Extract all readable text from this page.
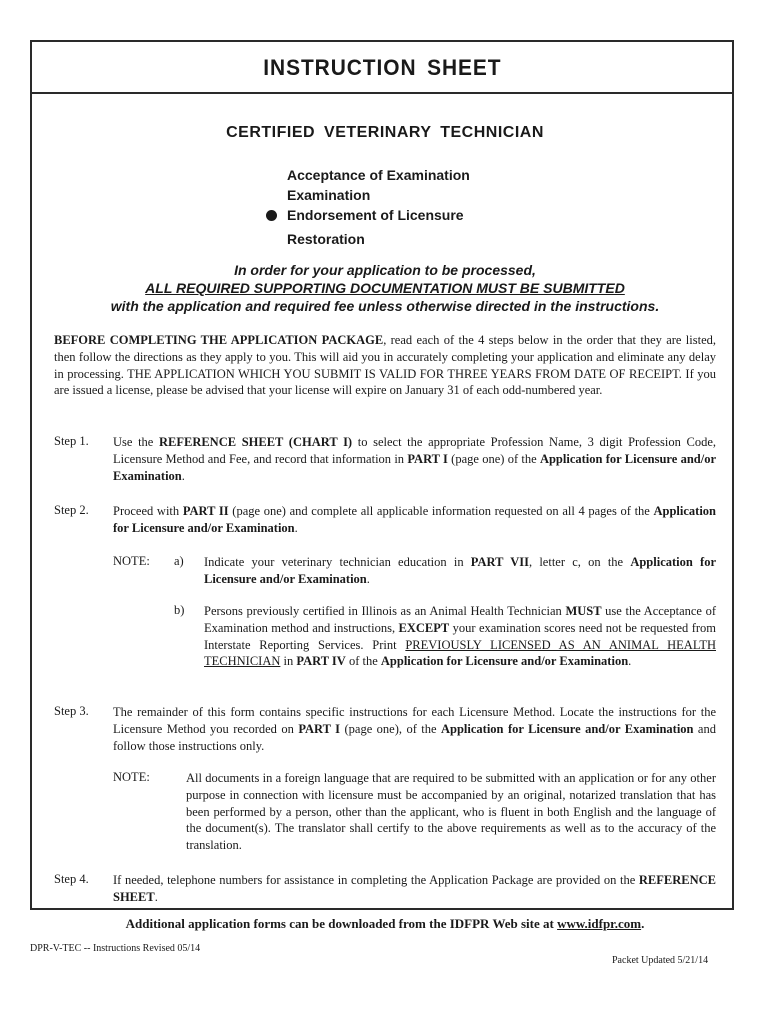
INSTRUCTION SHEET
CERTIFIED VETERINARY TECHNICIAN
Acceptance of Examination
Examination
Endorsement of Licensure
Restoration
In order for your application to be processed,
ALL REQUIRED SUPPORTING DOCUMENTATION MUST BE SUBMITTED
with the application and required fee unless otherwise directed in the instructions.
BEFORE COMPLETING THE APPLICATION PACKAGE, read each of the 4 steps below in the order that they are listed, then follow the directions as they apply to you. This will aid you in accurately completing your application and eliminate any delay in processing. THE APPLICATION WHICH YOU SUBMIT IS VALID FOR THREE YEARS FROM DATE OF RECEIPT. If you are issued a license, please be advised that your license will expire on January 31 of each odd-numbered year.
Step 1. Use the REFERENCE SHEET (CHART I) to select the appropriate Profession Name, 3 digit Profession Code, Licensure Method and Fee, and record that information in PART I (page one) of the Application for Licensure and/or Examination.
Step 2. Proceed with PART II (page one) and complete all applicable information requested on all 4 pages of the Application for Licensure and/or Examination.
NOTE: a) Indicate your veterinary technician education in PART VII, letter c, on the Application for Licensure and/or Examination.
b) Persons previously certified in Illinois as an Animal Health Technician MUST use the Acceptance of Examination method and instructions, EXCEPT your examination scores need not be requested from Interstate Reporting Services. Print PREVIOUSLY LICENSED AS AN ANIMAL HEALTH TECHNICIAN in PART IV of the Application for Licensure and/or Examination.
Step 3. The remainder of this form contains specific instructions for each Licensure Method. Locate the instructions for the Licensure Method you recorded on PART I (page one), of the Application for Licensure and/or Examination and follow those instructions only.
NOTE:	All documents in a foreign language that are required to be submitted with an application or for any other purpose in connection with licensure must be accompanied by an original, notarized translation that has been performed by a person, other than the applicant, who is fluent in both English and the language of the document(s). The translator shall certify to the above requirements as well as to the accuracy of the translation.
Step 4. If needed, telephone numbers for assistance in completing the Application Package are provided on the REFERENCE SHEET.
Additional application forms can be downloaded from the IDFPR Web site at www.idfpr.com.
DPR-V-TEC -- Instructions Revised 05/14
Packet Updated 5/21/14
